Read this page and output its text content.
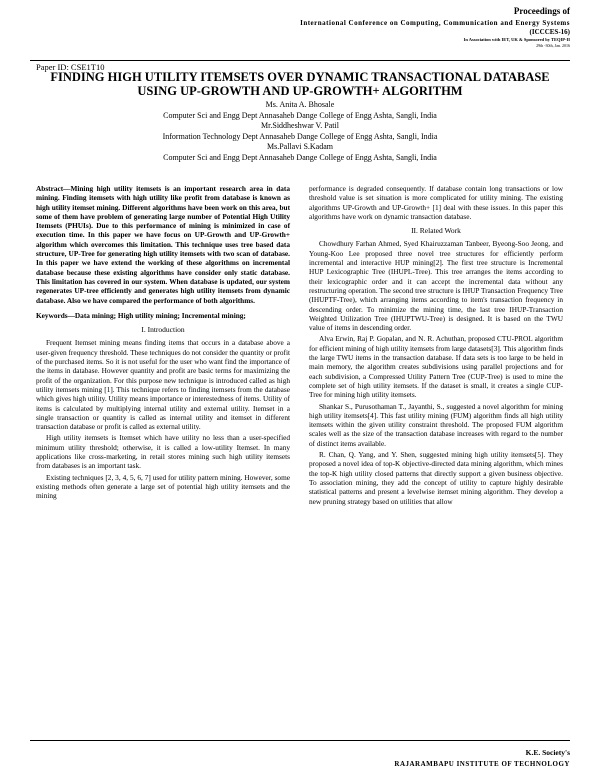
Proceedings of
International Conference on Computing, Communication and Energy Systems
(ICCCES-16)
In Association with IET, UK & Sponsored by TEQIP-II
29th -30th, Jan. 2016
Paper ID: CSE1T10
FINDING HIGH UTILITY ITEMSETS OVER DYNAMIC TRANSACTIONAL DATABASE USING UP-GROWTH AND UP-GROWTH+ ALGORITHM
Ms. Anita A. Bhosale
Computer Sci and Engg Dept Annasaheb Dange College of Engg Ashta, Sangli, India
Mr.Siddheshwar V. Patil
Information Technology Dept Annasaheb Dange College of Engg Ashta, Sangli, India
Ms.Pallavi S.Kadam
Computer Sci and Engg Dept Annasaheb Dange College of Engg Ashta, Sangli, India

Abstract—Mining high utility itemsets is an important research area in data mining. Finding itemsets with high utility like profit from database is known as high utility itemset mining. Different algorithms have been work on this area, but some of them have problem of generating large number of Potential High Utility Itemsets (PHUIs). Due to this performance of mining is minimized in case of execution time. In this paper we have focus on UP-Growth and UP-Growth+ algorithm which overcomes this limitation. This technique uses tree based data structure, UP-Tree for generating high utility itemsets with two scan of database. In this paper we have extend the working of these algorithms on incremental database because these existing algorithms have consider only static database. This limitation has covered in our system. When database is updated, our system regenerates UP-tree efficiently and generates high utility itemsets from dynamic database. Also we have compared the performance of both algorithms.

Keywords—Data mining; High utility mining; Incremental mining;

I. Introduction

Frequent Itemset mining means finding items that occurs in a database above a user-given frequency threshold. These techniques do not consider the quantity or profit of the purchased items. So it is not useful for the user who want find the importance of the items in database. However quantity and profit are basic terms for maximizing the profit of the organization. For this purpose new technique is introduced called as high utility itemsets mining [1]. This technique refers to finding itemsets from the database which gives high utility. Utility means importance or interestedness of items. Utility of items is calculated by multiplying internal utility and external utility. Itemset in a single transaction or quantity is called as internal utility and itemset in different transaction database or profit is called as external utility.

High utility itemsets is Itemset which have utility no less than a user-specified minimum utility threshold; otherwise, it is called a low-utility Itemset. In many applications like cross-marketing, in retail stores mining such high utility itemsets from databases is an important task.

Existing techniques [2, 3, 4, 5, 6, 7] used for utility pattern mining. However, some existing methods often generate a large set of potential high utility itemsets and the mining

performance is degraded consequently. If database contain long transactions or low threshold value is set situation is more complicated for utility mining. The existing algorithms UP-Growth and UP-Growth+ [1] deal with these issues. In this paper this algorithms have work on dynamic transaction database.

II. Related Work

Chowdhury Farhan Ahmed, Syed Khairuzzaman Tanbeer, Byeong-Soo Jeong, and Young-Koo Lee proposed three novel tree structures for efficiently perform incremental and interactive HUP mining[2]. The first tree structure is Incremental HUP Lexicographic Tree (IHUPL-Tree). This tree arranges the items according to their lexicographic order and it can accept the incremental data without any restructuring operation. The second tree structure is IHUP Transaction Frequency Tree (IHUPTF-Tree), which arranging items according to item's transaction frequency in descending order. To minimize the mining time, the last tree IHUP-Transaction Weighted Utilization Tree (IHUPTWU-Tree) is designed. It is based on the TWU value of items in descending order.

Alva Erwin, Raj P. Gopalan, and N. R. Achuthan, proposed CTU-PROL algorithm for efficient mining of high utility itemsets from large datasets[3]. This algorithm finds the large TWU items in the transaction database. If data sets is too large to be held in main memory, the algorithm creates subdivisions using parallel projections and for each subdivision, a Compressed Utility Pattern Tree (CUP-Tree) is used to mine the complete set of high utility itemsets. If the dataset is small, it creates a single CUP-Tree for mining high utility itemsets.

Shankar S., Purusothaman T., Jayanthi, S., suggested a novel algorithm for mining high utility itemsets[4]. This fast utility mining (FUM) algorithm finds all high utility itemsets within the given utility constraint threshold. The proposed FUM algorithm scales well as the size of the transaction database increases with regard to the number of distinct items available.

R. Chan, Q. Yang, and Y. Shen, suggested mining high utility itemsets[5]. They proposed a novel idea of top-K objective-directed data mining algorithm, which mines the top-K high utility closed patterns that directly support a given business objective. To association mining, they add the concept of utility to capture highly desirable statistical patterns and present a levelwise itemset mining algorithm. They develop a new pruning strategy based on utilities that allow

K.E. Society's
RAJARAMBAPU INSTITUTE OF TECHNOLOGY
